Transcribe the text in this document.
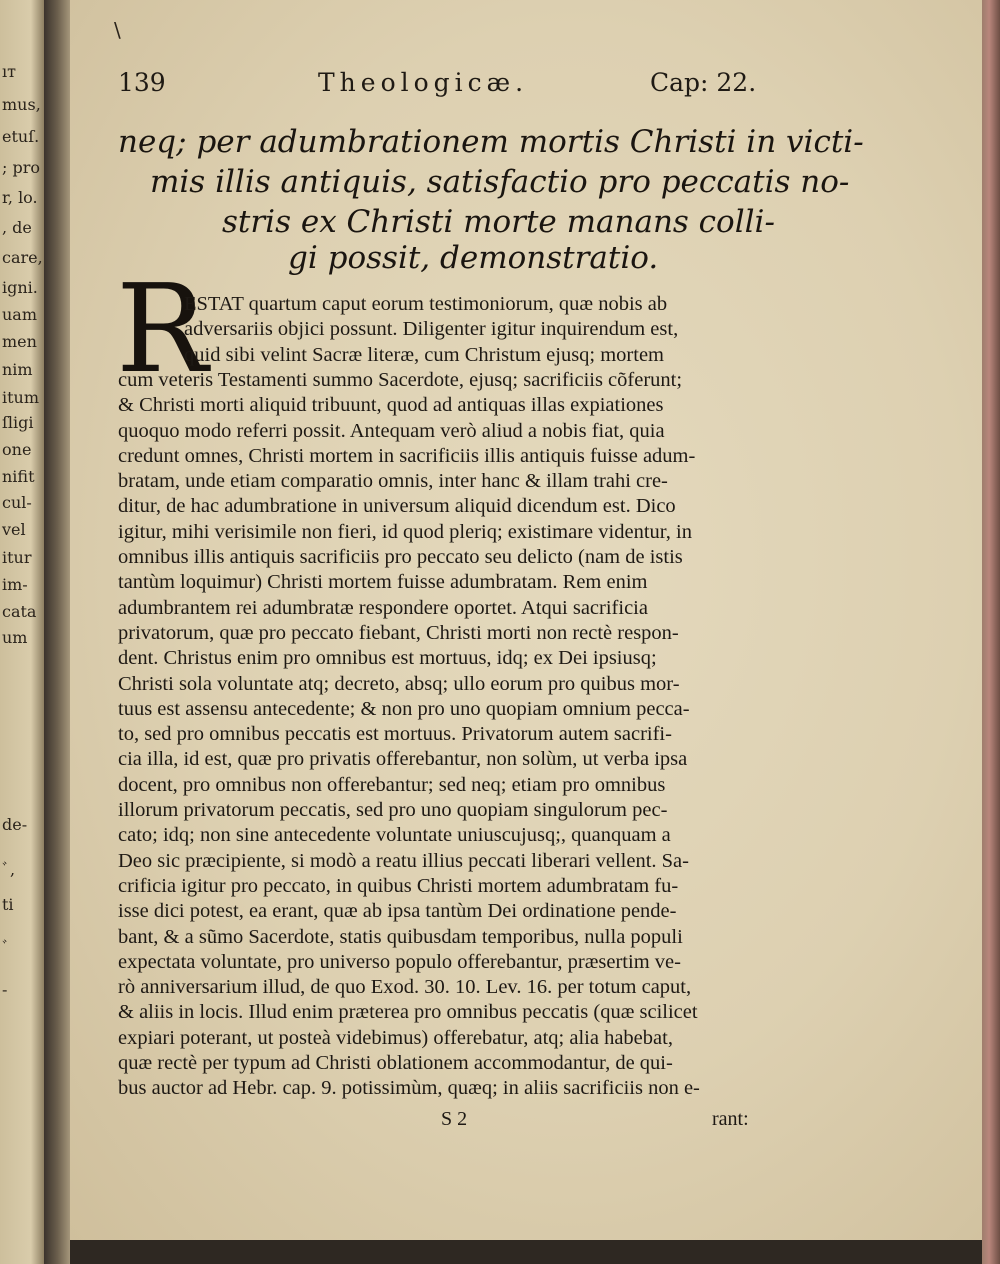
ıт
mus,
etuſ.
; pro
r, lo.
, de
care,
igni.
uam
men
nim
itum
ſligi
one
nifit
cul-
vel
itur
im-
cata
um
de-
ﾞ,
ti
ﾞ
-
\
139	Theologicæ.	Cap: 22.
neq; per adumbrationem mortis Christi in victi-
mis illis antiquis, satisfactio pro peccatis no-
stris ex Christi morte manans colli-
gi possit, demonstratio.
R
ESTAT quartum caput eorum testimoniorum, quæ nobis ab
adversariis objici possunt. Diligenter igitur inquirendum est,
quid sibi velint Sacræ literæ, cum Christum ejusq; mortem
cum veteris Testamenti summo Sacerdote, ejusq; sacrificiis cõferunt;
& Christi morti aliquid tribuunt, quod ad antiquas illas expiationes
quoquo modo referri possit. Antequam verò aliud a nobis fiat, quia
credunt omnes, Christi mortem in sacrificiis illis antiquis fuisse adum-
bratam, unde etiam comparatio omnis, inter hanc & illam trahi cre-
ditur, de hac adumbratione in universum aliquid dicendum est. Dico
igitur, mihi verisimile non fieri, id quod pleriq; existimare videntur, in
omnibus illis antiquis sacrificiis pro peccato seu delicto (nam de istis
tantùm loquimur) Christi mortem fuisse adumbratam. Rem enim
adumbrantem rei adumbratæ respondere oportet. Atqui sacrificia
privatorum, quæ pro peccato fiebant, Christi morti non rectè respon-
dent. Christus enim pro omnibus est mortuus, idq; ex Dei ipsiusq;
Christi sola voluntate atq; decreto, absq; ullo eorum pro quibus mor-
tuus est assensu antecedente; & non pro uno quopiam omnium pecca-
to, sed pro omnibus peccatis est mortuus. Privatorum autem sacrifi-
cia illa, id est, quæ pro privatis offerebantur, non solùm, ut verba ipsa
docent, pro omnibus non offerebantur; sed neq; etiam pro omnibus
illorum privatorum peccatis, sed pro uno quopiam singulorum pec-
cato; idq; non sine antecedente voluntate uniuscujusq;, quanquam a
Deo sic præcipiente, si modò a reatu illius peccati liberari vellent. Sa-
crificia igitur pro peccato, in quibus Christi mortem adumbratam fu-
isse dici potest, ea erant, quæ ab ipsa tantùm Dei ordinatione pende-
bant, & a sũmo Sacerdote, statis quibusdam temporibus, nulla populi
expectata voluntate, pro universo populo offerebantur, præsertim ve-
rò anniversarium illud, de quo Exod. 30. 10. Lev. 16. per totum caput,
& aliis in locis. Illud enim præterea pro omnibus peccatis (quæ scilicet
expiari poterant, ut posteà videbimus) offerebatur, atq; alia habebat,
quæ rectè per typum ad Christi oblationem accommodantur, de qui-
bus auctor ad Hebr. cap. 9. potissimùm, quæq; in aliis sacrificiis non e-
S 2	rant:
